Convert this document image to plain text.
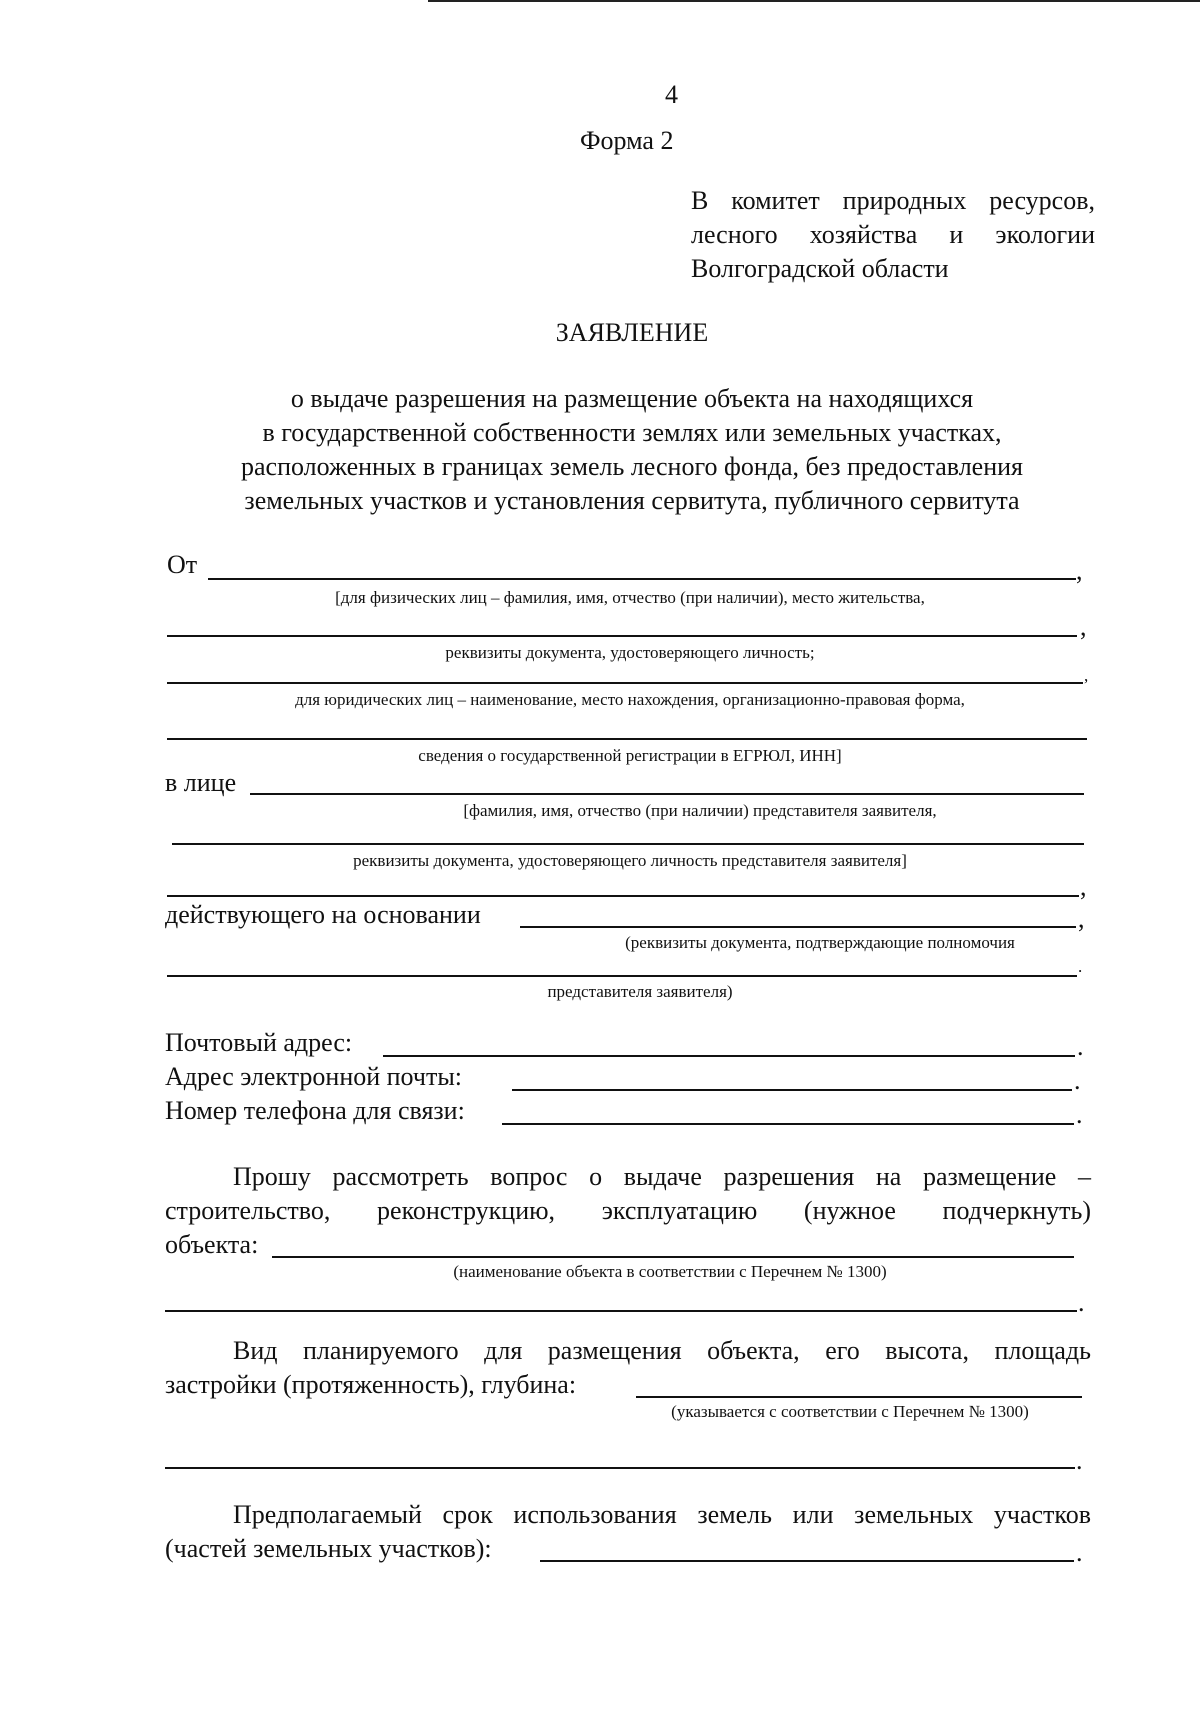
4
Форма 2
В комитет природных ресурсов,
лесного хозяйства и экологии
Волгоградской области
ЗАЯВЛЕНИЕ
о выдаче разрешения на размещение объекта на находящихся
в государственной собственности землях или земельных участках,
расположенных в границах земель лесного фонда, без предоставления
земельных участков и установления сервитута, публичного сервитута
От	,
[для физических лиц – фамилия, имя, отчество (при наличии), место жительства,
,
реквизиты документа, удостоверяющего личность;
,
для юридических лиц – наименование, место нахождения, организационно-правовая форма,
сведения о государственной регистрации в ЕГРЮЛ, ИНН]
в лице
[фамилия, имя, отчество (при наличии) представителя заявителя,
реквизиты документа, удостоверяющего личность представителя заявителя]
,
действующего на основании	,
(реквизиты документа, подтверждающие полномочия
.
представителя заявителя)
Почтовый адрес:	.
Адрес электронной почты:	.
Номер телефона для связи:	.
Прошу рассмотреть вопрос о выдаче разрешения на размещение –
строительство, реконструкцию, эксплуатацию (нужное подчеркнуть)
объекта:
(наименование объекта в соответствии с Перечнем № 1300)
.
Вид планируемого для размещения объекта, его высота, площадь
застройки (протяженность), глубина:
(указывается с соответствии с Перечнем № 1300)
.
Предполагаемый срок использования земель или земельных участков
(частей земельных участков):	.
